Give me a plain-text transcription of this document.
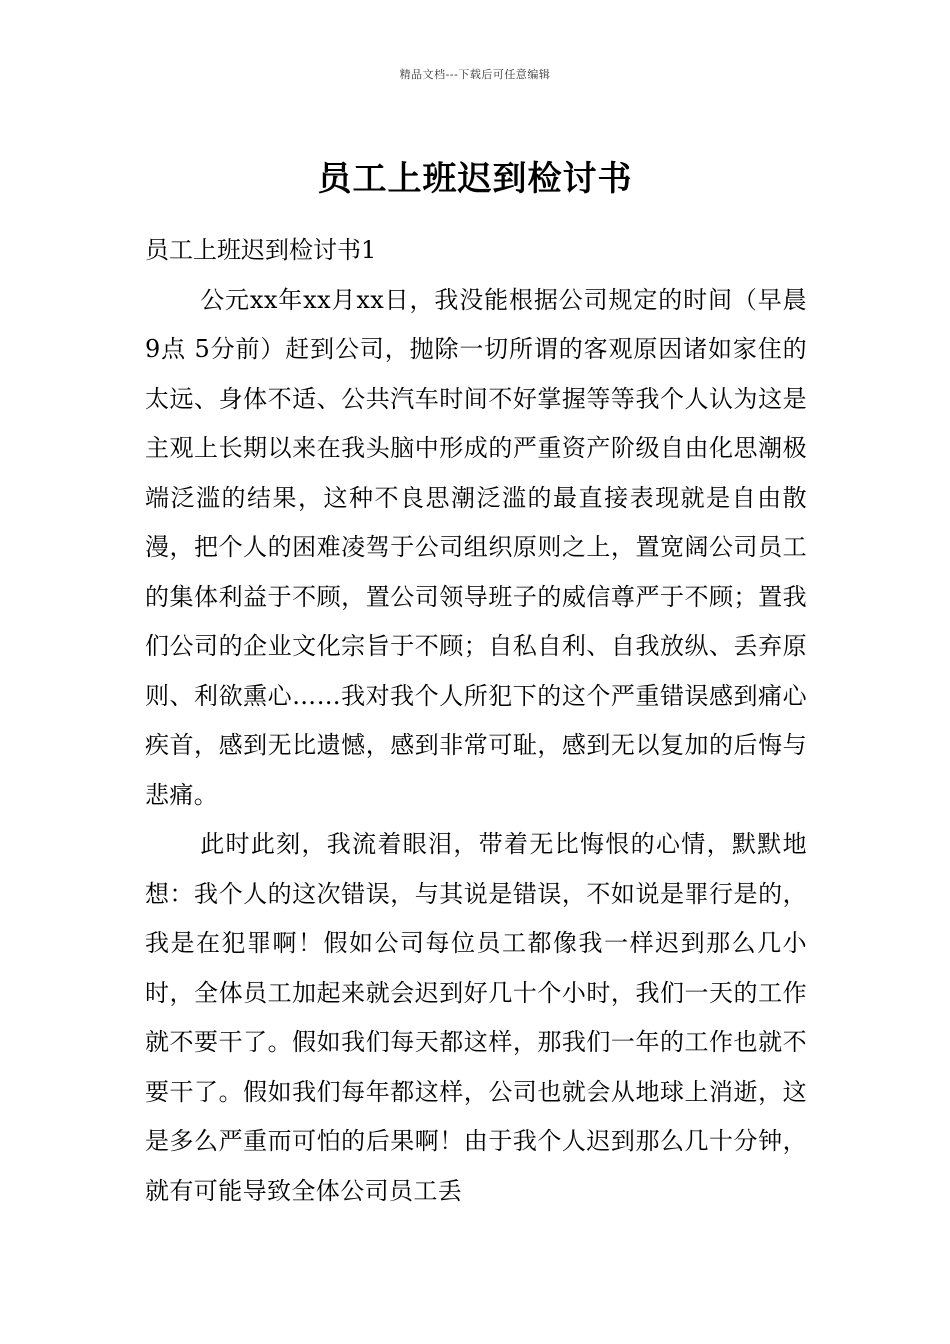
精品文档---下载后可任意编辑
员工上班迟到检讨书
员工上班迟到检讨书1

公元xx年xx月xx日，我没能根据公司规定的时间（早晨9点 5分前）赶到公司，抛除一切所谓的客观原因诸如家住的太远、身体不适、公共汽车时间不好掌握等等我个人认为这是主观上长期以来在我头脑中形成的严重资产阶级自由化思潮极端泛滥的结果，这种不良思潮泛滥的最直接表现就是自由散漫，把个人的困难凌驾于公司组织原则之上，置宽阔公司员工的集体利益于不顾，置公司领导班子的威信尊严于不顾；置我们公司的企业文化宗旨于不顾；自私自利、自我放纵、丢弃原则、利欲熏心……我对我个人所犯下的这个严重错误感到痛心疾首，感到无比遗憾，感到非常可耻，感到无以复加的后悔与悲痛。

此时此刻，我流着眼泪，带着无比悔恨的心情，默默地想：我个人的这次错误，与其说是错误，不如说是罪行是的，我是在犯罪啊！假如公司每位员工都像我一样迟到那么几小时，全体员工加起来就会迟到好几十个小时，我们一天的工作就不要干了。假如我们每天都这样，那我们一年的工作也就不要干了。假如我们每年都这样，公司也就会从地球上消逝，这是多么严重而可怕的后果啊！由于我个人迟到那么几十分钟，就有可能导致全体公司员工丢
